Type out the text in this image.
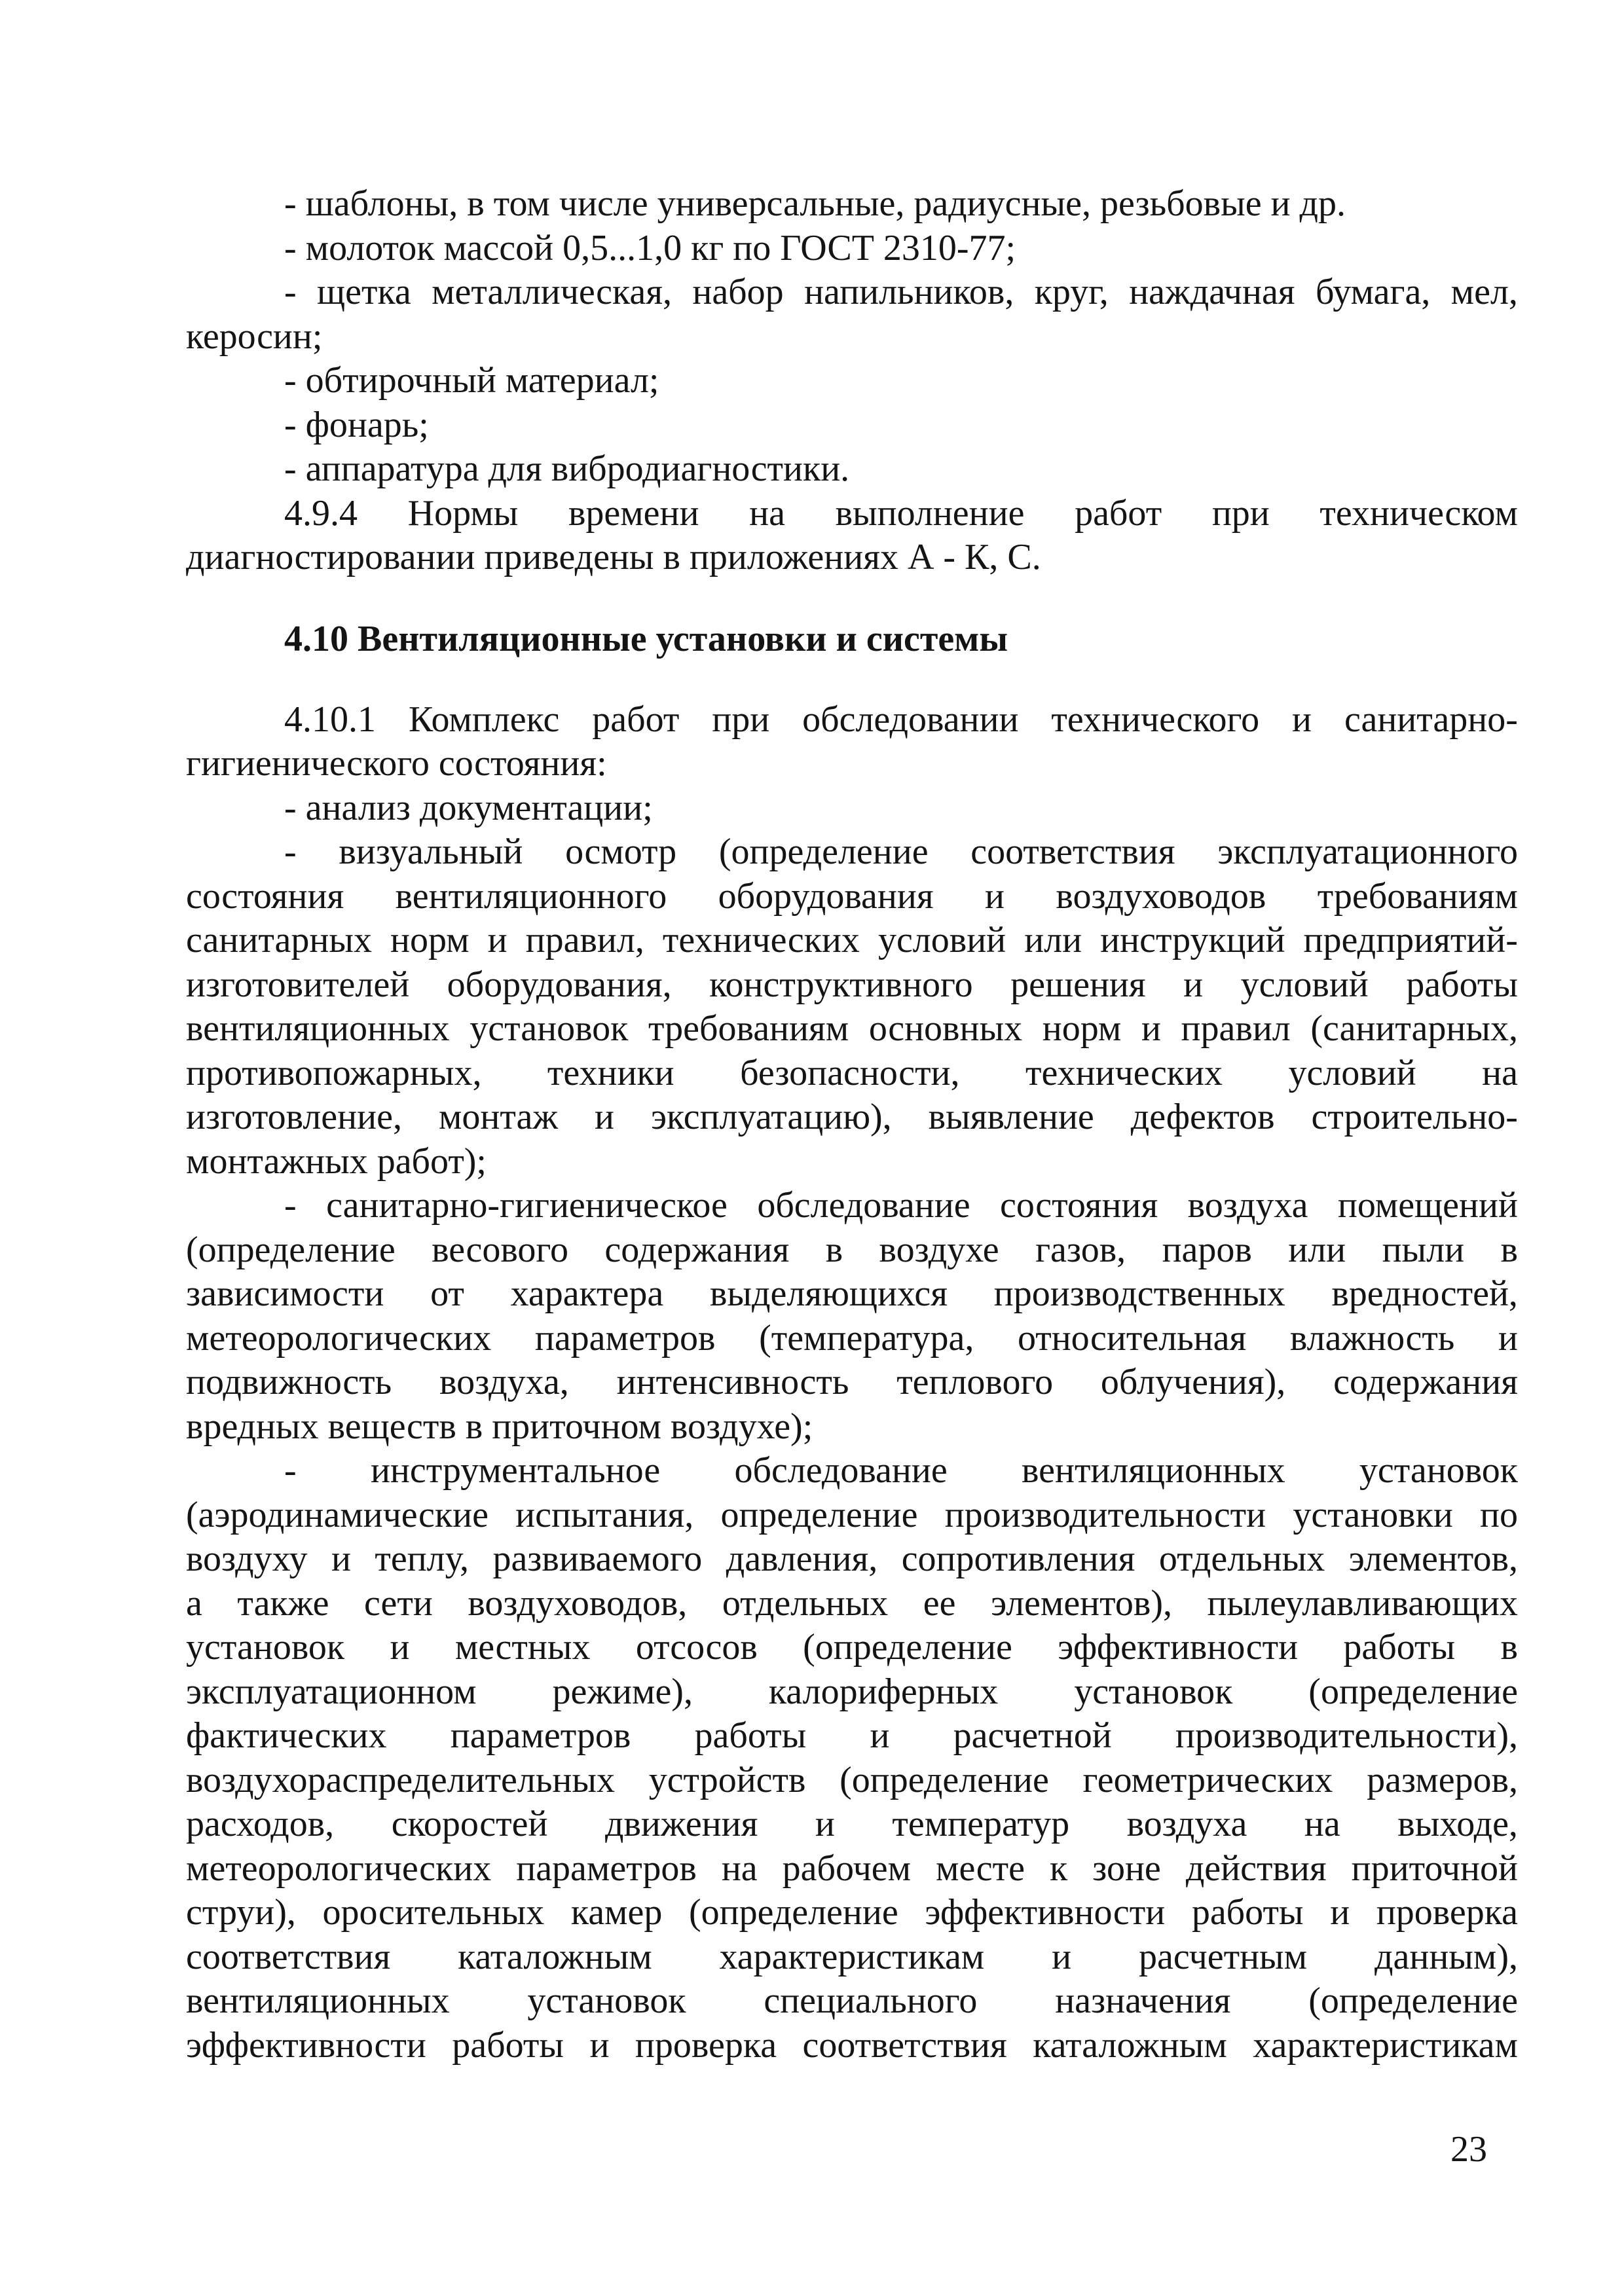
- шаблоны, в том числе универсальные, радиусные, резьбовые и др.
- молоток массой 0,5...1,0 кг по ГОСТ 2310-77;
- щетка металлическая, набор напильников, круг, наждачная бумага, мел,
керосин;
- обтирочный материал;
- фонарь;
- аппаратура для вибродиагностики.
4.9.4 Нормы времени на выполнение работ при техническом
диагностировании приведены в приложениях А - К, С.
4.10 Вентиляционные установки и системы
4.10.1 Комплекс работ при обследовании технического и санитарно-
гигиенического состояния:
- анализ документации;
- визуальный осмотр (определение соответствия эксплуатационного
состояния вентиляционного оборудования и воздуховодов требованиям
санитарных норм и правил, технических условий или инструкций предприятий-
изготовителей оборудования, конструктивного решения и условий работы
вентиляционных установок требованиям основных норм и правил (санитарных,
противопожарных, техники безопасности, технических условий на
изготовление, монтаж и эксплуатацию), выявление дефектов строительно-
монтажных работ);
- санитарно-гигиеническое обследование состояния воздуха помещений
(определение весового содержания в воздухе газов, паров или пыли в
зависимости от характера выделяющихся производственных вредностей,
метеорологических параметров (температура, относительная влажность и
подвижность воздуха, интенсивность теплового облучения), содержания
вредных веществ в приточном воздухе);
- инструментальное обследование вентиляционных установок
(аэродинамические испытания, определение производительности установки по
воздуху и теплу, развиваемого давления, сопротивления отдельных элементов,
а также сети воздуховодов, отдельных ее элементов), пылеулавливающих
установок и местных отсосов (определение эффективности работы в
эксплуатационном режиме), калориферных установок (определение
фактических параметров работы и расчетной производительности),
воздухораспределительных устройств (определение геометрических размеров,
расходов, скоростей движения и температур воздуха на выходе,
метеорологических параметров на рабочем месте к зоне действия приточной
струи), оросительных камер (определение эффективности работы и проверка
соответствия каталожным характеристикам и расчетным данным),
вентиляционных установок специального назначения (определение
эффективности работы и проверка соответствия каталожным характеристикам
23
